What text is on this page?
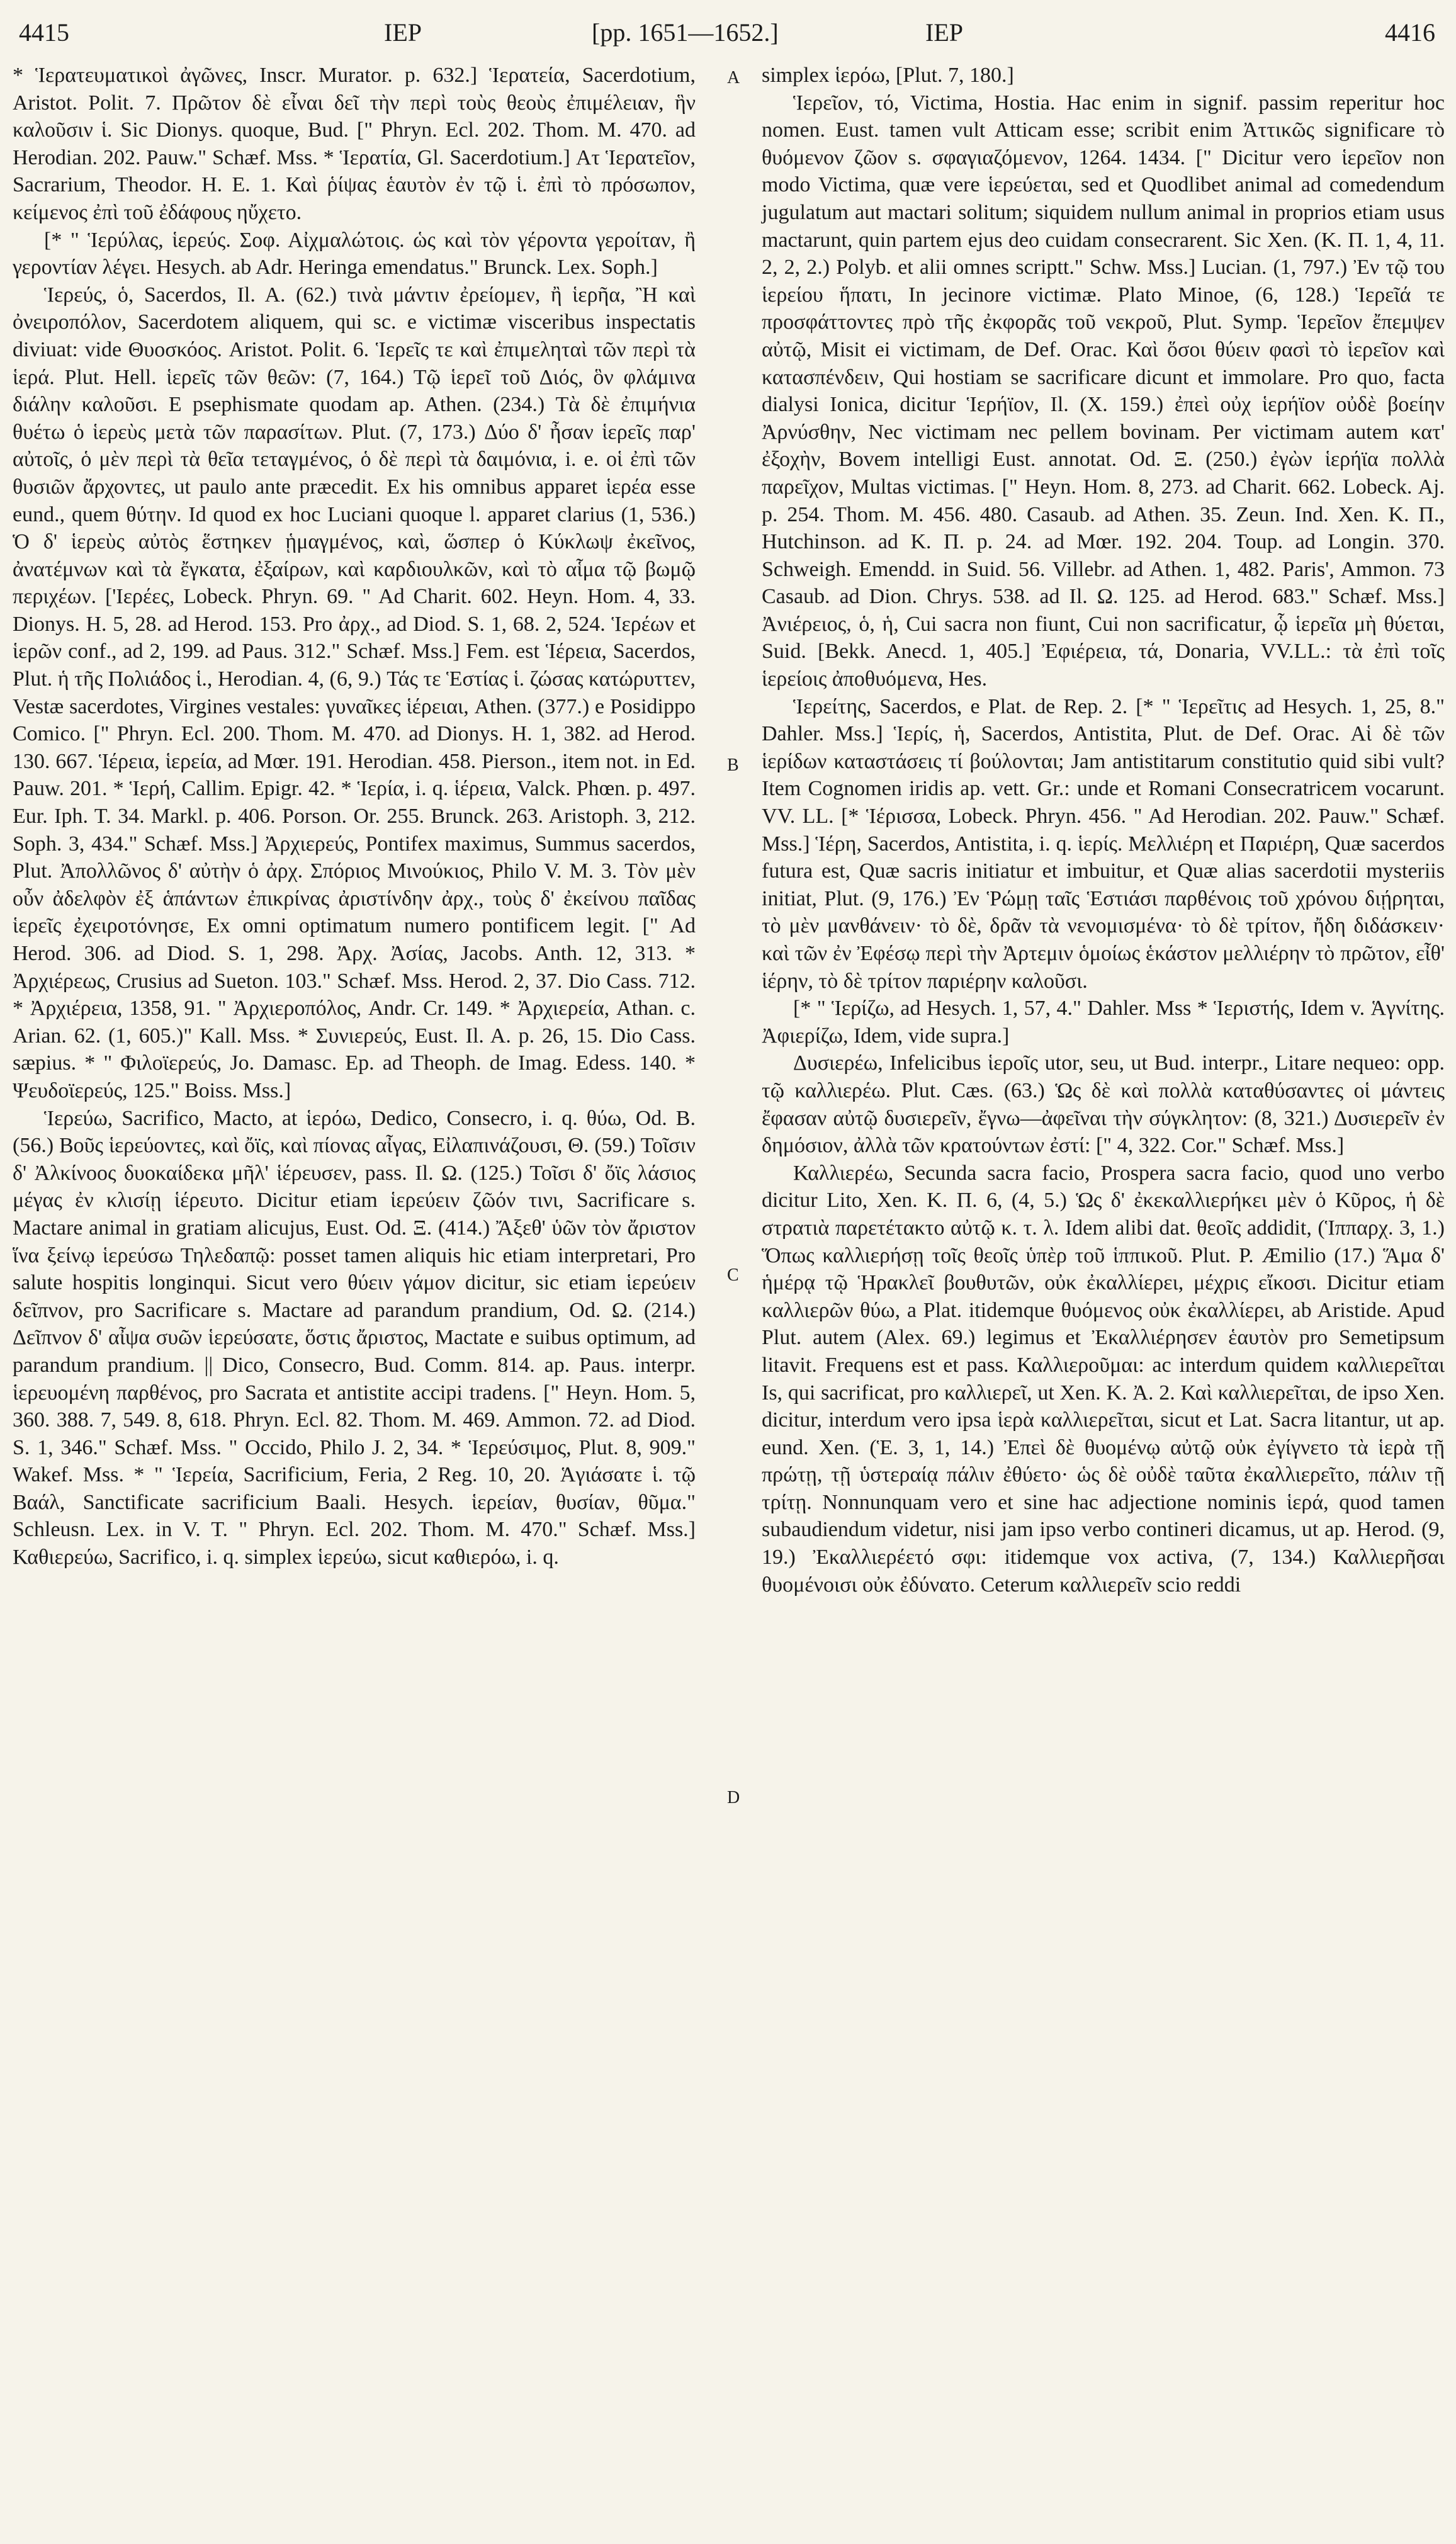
4415	ΙΕΡ	[pp. 1651—1652.]	ΙΕΡ	4416

* Ἱερατευματικοὶ ἀγῶνες, Inscr. Murator. p. 632.] Ἱερατεία, Sacerdotium, Aristot. Polit. 7. Πρῶτον δὲ εἶναι δεῖ τὴν περὶ τοὺς θεοὺς ἐπιμέλειαν, ἣν καλοῦσιν ἱ. Sic Dionys. quoque, Bud. [" Phryn. Ecl. 202. Thom. M. 470. ad Herodian. 202. Pauw." Schæf. Mss. * Ἱερατία, Gl. Sacerdotium.] Ατ Ἱερατεῖον, Sacrarium, Theodor. H. E. 1. Καὶ ῥίψας ἑαυτὸν ἐν τῷ ἱ. ἐπὶ τὸ πρόσωπον, κείμενος ἐπὶ τοῦ ἐδάφους ηὔχετο.

[* " Ἱερύλας, ἱερεύς. Σοφ. Αἰχμαλώτοις. ὡς καὶ τὸν γέροντα γεροίταν, ἢ γεροντίαν λέγει. Hesych. ab Adr. Heringa emendatus." Brunck. Lex. Soph.]

Ἱερεύς, ὁ, Sacerdos, Il. A. (62.) τινὰ μάντιν ἐρείομεν, ἢ ἱερῆα, Ἢ καὶ ὀνειροπόλον, Sacerdotem aliquem, qui sc. e victimæ visceribus inspectatis diviuat: vide Θυοσκόος. Aristot. Polit. 6. Ἱερεῖς τε καὶ ἐπιμεληταὶ τῶν περὶ τὰ ἱερά. Plut. Hell. ἱερεῖς τῶν θεῶν: (7, 164.) Τῷ ἱερεῖ τοῦ Διός, ὃν φλάμινα διάλην καλοῦσι. E psephismate quodam ap. Athen. (234.) Τὰ δὲ ἐπιμήνια θυέτω ὁ ἱερεὺς μετὰ τῶν παρασίτων. Plut. (7, 173.) Δύο δ' ἦσαν ἱερεῖς παρ' αὐτοῖς, ὁ μὲν περὶ τὰ θεῖα τεταγμένος, ὁ δὲ περὶ τὰ δαιμόνια, i. e. οἱ ἐπὶ τῶν θυσιῶν ἄρχοντες, ut paulo ante præcedit. Ex his omnibus apparet ἱερέα esse eund., quem θύτην. Id quod ex hoc Luciani quoque l. apparet clarius (1, 536.) Ὁ δ' ἱερεὺς αὐτὸς ἕστηκεν ᾑμαγμένος, καὶ, ὥσπερ ὁ Κύκλωψ ἐκεῖνος, ἀνατέμνων καὶ τὰ ἔγκατα, ἐξαίρων, καὶ καρδιουλκῶν, καὶ τὸ αἷμα τῷ βωμῷ περιχέων. ['Ιερέες, Lobeck. Phryn. 69. " Ad Charit. 602. Heyn. Hom. 4, 33. Dionys. H. 5, 28. ad Herod. 153. Pro ἀρχ., ad Diod. S. 1, 68. 2, 524. Ἱερέων et ἱερῶν conf., ad 2, 199. ad Paus. 312." Schæf. Mss.] Fem. est Ἱέρεια, Sacerdos, Plut. ἡ τῆς Πολιάδος ἱ., Herodian. 4, (6, 9.) Τάς τε Ἑστίας ἱ. ζώσας κατώρυττεν, Vestæ sacerdotes, Virgines vestales: γυναῖκες ἱέρειαι, Athen. (377.) e Posidippo Comico. [" Phryn. Ecl. 200. Thom. M. 470. ad Dionys. H. 1, 382. ad Herod. 130. 667. Ἱέρεια, ἱερεία, ad Mœr. 191. Herodian. 458. Pierson., item not. in Ed. Pauw. 201. * Ἱερή, Callim. Epigr. 42. * Ἱερία, i. q. ἱέρεια, Valck. Phœn. p. 497. Eur. Iph. T. 34. Markl. p. 406. Porson. Or. 255. Brunck. 263. Aristoph. 3, 212. Soph. 3, 434." Schæf. Mss.] Ἀρχιερεύς, Pontifex maximus, Summus sacerdos, Plut. Ἀπολλῶνος δ' αὐτὴν ὁ ἀρχ. Σπόριος Μινούκιος, Philo V. M. 3. Τὸν μὲν οὖν ἀδελφὸν ἐξ ἁπάντων ἐπικρίνας ἀριστίνδην ἀρχ., τοὺς δ' ἐκείνου παῖδας ἱερεῖς ἐχειροτόνησε, Ex omni optimatum numero pontificem legit. [" Ad Herod. 306. ad Diod. S. 1, 298. Ἀρχ. Ἀσίας, Jacobs. Anth. 12, 313. * Ἀρχιέρεως, Crusius ad Sueton. 103." Schæf. Mss. Herod. 2, 37. Dio Cass. 712. * Ἀρχιέρεια, 1358, 91. " Ἀρχιεροπόλος, Andr. Cr. 149. * Ἀρχιερεία, Athan. c. Arian. 62. (1, 605.)" Kall. Mss. * Συνιερεύς, Eust. Il. A. p. 26, 15. Dio Cass. sæpius. * " Φιλοϊερεύς, Jo. Damasc. Ep. ad Theoph. de Imag. Edess. 140. * Ψευδοϊερεύς, 125." Boiss. Mss.]

Ἱερεύω, Sacrifico, Macto, at ἱερόω, Dedico, Consecro, i. q. θύω, Od. B. (56.) Βοῦς ἱερεύοντες, καὶ ὄϊς, καὶ πίονας αἶγας, Εἰλαπινάζουσι, Θ. (59.) Τοῖσιν δ' Ἀλκίνοος δυοκαίδεκα μῆλ' ἱέρευσεν, pass. Il. Ω. (125.) Τοῖσι δ' ὄϊς λάσιος μέγας ἐν κλισίῃ ἱέρευτο. Dicitur etiam ἱερεύειν ζῶόν τινι, Sacrificare s. Mactare animal in gratiam alicujus, Eust. Od. Ξ. (414.) Ἄξεθ' ὑῶν τὸν ἄριστον ἵνα ξείνῳ ἱερεύσω Τηλεδαπῷ: posset tamen aliquis hic etiam interpretari, Pro salute hospitis longinqui. Sicut vero θύειν γάμον dicitur, sic etiam ἱερεύειν δεῖπνον, pro Sacrificare s. Mactare ad parandum prandium, Od. Ω. (214.) Δεῖπνον δ' αἶψα συῶν ἱερεύσατε, ὅστις ἄριστος, Mactate e suibus optimum, ad parandum prandium. || Dico, Consecro, Bud. Comm. 814. ap. Paus. interpr. ἱερευομένη παρθένος, pro Sacrata et antistite accipi tradens. [" Heyn. Hom. 5, 360. 388. 7, 549. 8, 618. Phryn. Ecl. 82. Thom. M. 469. Ammon. 72. ad Diod. S. 1, 346." Schæf. Mss. " Occido, Philo J. 2, 34. * Ἱερεύσιμος, Plut. 8, 909." Wakef. Mss. * " Ἱερεία, Sacrificium, Feria, 2 Reg. 10, 20. Ἁγιάσατε ἱ. τῷ Βαάλ, Sanctificate sacrificium Baali. Hesych. ἱερείαν, θυσίαν, θῦμα." Schleusn. Lex. in V. T. " Phryn. Ecl. 202. Thom. M. 470." Schæf. Mss.] Καθιερεύω, Sacrifico, i. q. simplex ἱερεύω, sicut καθιερόω, i. q.

A
B
C
D

simplex ἱερόω, [Plut. 7, 180.]

Ἱερεῖον, τό, Victima, Hostia. Hac enim in signif. passim reperitur hoc nomen. Eust. tamen vult Atticam esse; scribit enim Ἀττικῶς significare τὸ θυόμενον ζῶον s. σφαγιαζόμενον, 1264. 1434. [" Dicitur vero ἱερεῖον non modo Victima, quæ vere ἱερεύεται, sed et Quodlibet animal ad comedendum jugulatum aut mactari solitum; siquidem nullum animal in proprios etiam usus mactarunt, quin partem ejus deo cuidam consecrarent. Sic Xen. (K. Π. 1, 4, 11. 2, 2, 2.) Polyb. et alii omnes scriptt." Schw. Mss.] Lucian. (1, 797.) Ἐν τῷ του ἱερείου ἥπατι, In jecinore victimæ. Plato Minoe, (6, 128.) Ἱερεῖά τε προσφάττοντες πρὸ τῆς ἐκφορᾶς τοῦ νεκροῦ, Plut. Symp. Ἱερεῖον ἔπεμψεν αὐτῷ, Misit ei victimam, de Def. Orac. Καὶ ὅσοι θύειν φασὶ τὸ ἱερεῖον καὶ κατασπένδειν, Qui hostiam se sacrificare dicunt et immolare. Pro quo, facta dialysi Ionica, dicitur Ἱερήϊον, Il. (X. 159.) ἐπεὶ οὐχ ἱερήϊον οὐδὲ βοείην Ἀρνύσθην, Nec victimam nec pellem bovinam. Per victimam autem κατ' ἐξοχὴν, Bovem intelligi Eust. annotat. Od. Ξ. (250.) ἐγὼν ἱερήϊα πολλὰ παρεῖχον, Multas victimas. [" Heyn. Hom. 8, 273. ad Charit. 662. Lobeck. Aj. p. 254. Thom. M. 456. 480. Casaub. ad Athen. 35. Zeun. Ind. Xen. K. Π., Hutchinson. ad K. Π. p. 24. ad Mœr. 192. 204. Toup. ad Longin. 370. Schweigh. Emendd. in Suid. 56. Villebr. ad Athen. 1, 482. Paris', Ammon. 73 Casaub. ad Dion. Chrys. 538. ad Il. Ω. 125. ad Herod. 683." Schæf. Mss.] Ἀνιέρειος, ὁ, ἡ, Cui sacra non fiunt, Cui non sacrificatur, ᾧ ἱερεῖα μὴ θύεται, Suid. [Bekk. Anecd. 1, 405.] Ἐφιέρεια, τά, Donaria, VV.LL.: τὰ ἐπὶ τοῖς ἱερείοις ἀποθυόμενα, Hes.

Ἱερείτης, Sacerdos, e Plat. de Rep. 2. [* " Ἱερεῖτις ad Hesych. 1, 25, 8." Dahler. Mss.] Ἱερίς, ἡ, Sacerdos, Antistita, Plut. de Def. Orac. Αἱ δὲ τῶν ἱερίδων καταστάσεις τί βούλονται; Jam antistitarum constitutio quid sibi vult? Item Cognomen iridis ap. vett. Gr.: unde et Romani Consecratricem vocarunt. VV. LL. [* Ἱέρισσα, Lobeck. Phryn. 456. " Ad Herodian. 202. Pauw." Schæf. Mss.] Ἱέρη, Sacerdos, Antistita, i. q. ἱερίς. Μελλιέρη et Παριέρη, Quæ sacerdos futura est, Quæ sacris initiatur et imbuitur, et Quæ alias sacerdotii mysteriis initiat, Plut. (9, 176.) Ἐν Ῥώμῃ ταῖς Ἑστιάσι παρθένοις τοῦ χρόνου διῄρηται, τὸ μὲν μανθάνειν· τὸ δὲ, δρᾶν τὰ νενομισμένα· τὸ δὲ τρίτον, ἤδη διδάσκειν· καὶ τῶν ἐν Ἐφέσῳ περὶ τὴν Ἀρτεμιν ὁμοίως ἑκάστον μελλιέρην τὸ πρῶτον, εἶθ' ἱέρην, τὸ δὲ τρίτον παριέρην καλοῦσι.

[* " Ἱερίζω, ad Hesych. 1, 57, 4." Dahler. Mss * Ἱεριστής, Idem v. Ἁγνίτης. Ἀφιερίζω, Idem, vide supra.]

Δυσιερέω, Infelicibus ἱεροῖς utor, seu, ut Bud. interpr., Litare nequeo: opp. τῷ καλλιερέω. Plut. Cæs. (63.) Ὡς δὲ καὶ πολλὰ καταθύσαντες οἱ μάντεις ἔφασαν αὐτῷ δυσιερεῖν, ἔγνω—ἀφεῖναι τὴν σύγκλητον: (8, 321.) Δυσιερεῖν ἐν δημόσιον, ἀλλὰ τῶν κρατούντων ἐστί: [" 4, 322. Cor." Schæf. Mss.]

Καλλιερέω, Secunda sacra facio, Prospera sacra facio, quod uno verbo dicitur Lito, Xen. K. Π. 6, (4, 5.) Ὡς δ' ἐκεκαλλιερήκει μὲν ὁ Κῦρος, ἡ δὲ στρατιὰ παρετέτακτο αὐτῷ κ. τ. λ. Idem alibi dat. θεοῖς addidit, (Ἱππαρχ. 3, 1.) Ὅπως καλλιερήσῃ τοῖς θεοῖς ὑπὲρ τοῦ ἱππικοῦ. Plut. P. Æmilio (17.) Ἅμα δ' ἡμέρᾳ τῷ Ἡρακλεῖ βουθυτῶν, οὐκ ἐκαλλίερει, μέχρις εἴκοσι. Dicitur etiam καλλιερῶν θύω, a Plat. itidemque θυόμενος οὐκ ἐκαλλίερει, ab Aristide. Apud Plut. autem (Alex. 69.) legimus et Ἐκαλλιέρησεν ἑαυτὸν pro Semetipsum litavit. Frequens est et pass. Καλλιεροῦμαι: ac interdum quidem καλλιερεῖται Is, qui sacrificat, pro καλλιερεῖ, ut Xen. K. Ἀ. 2. Καὶ καλλιερεῖται, de ipso Xen. dicitur, interdum vero ipsa ἱερὰ καλλιερεῖται, sicut et Lat. Sacra litantur, ut ap. eund. Xen. (Ἑ. 3, 1, 14.) Ἐπεὶ δὲ θυομένῳ αὐτῷ οὐκ ἐγίγνετο τὰ ἱερὰ τῇ πρώτῃ, τῇ ὑστεραίᾳ πάλιν ἐθύετο· ὡς δὲ οὐδὲ ταῦτα ἐκαλλιερεῖτο, πάλιν τῇ τρίτῃ. Nonnunquam vero et sine hac adjectione nominis ἱερά, quod tamen subaudiendum videtur, nisi jam ipso verbo contineri dicamus, ut ap. Herod. (9, 19.) Ἐκαλλιερέετό σφι: itidemque vox activa, (7, 134.) Καλλιερῆσαι θυομένοισι οὐκ ἐδύνατο. Ceterum καλλιερεῖν scio reddi
